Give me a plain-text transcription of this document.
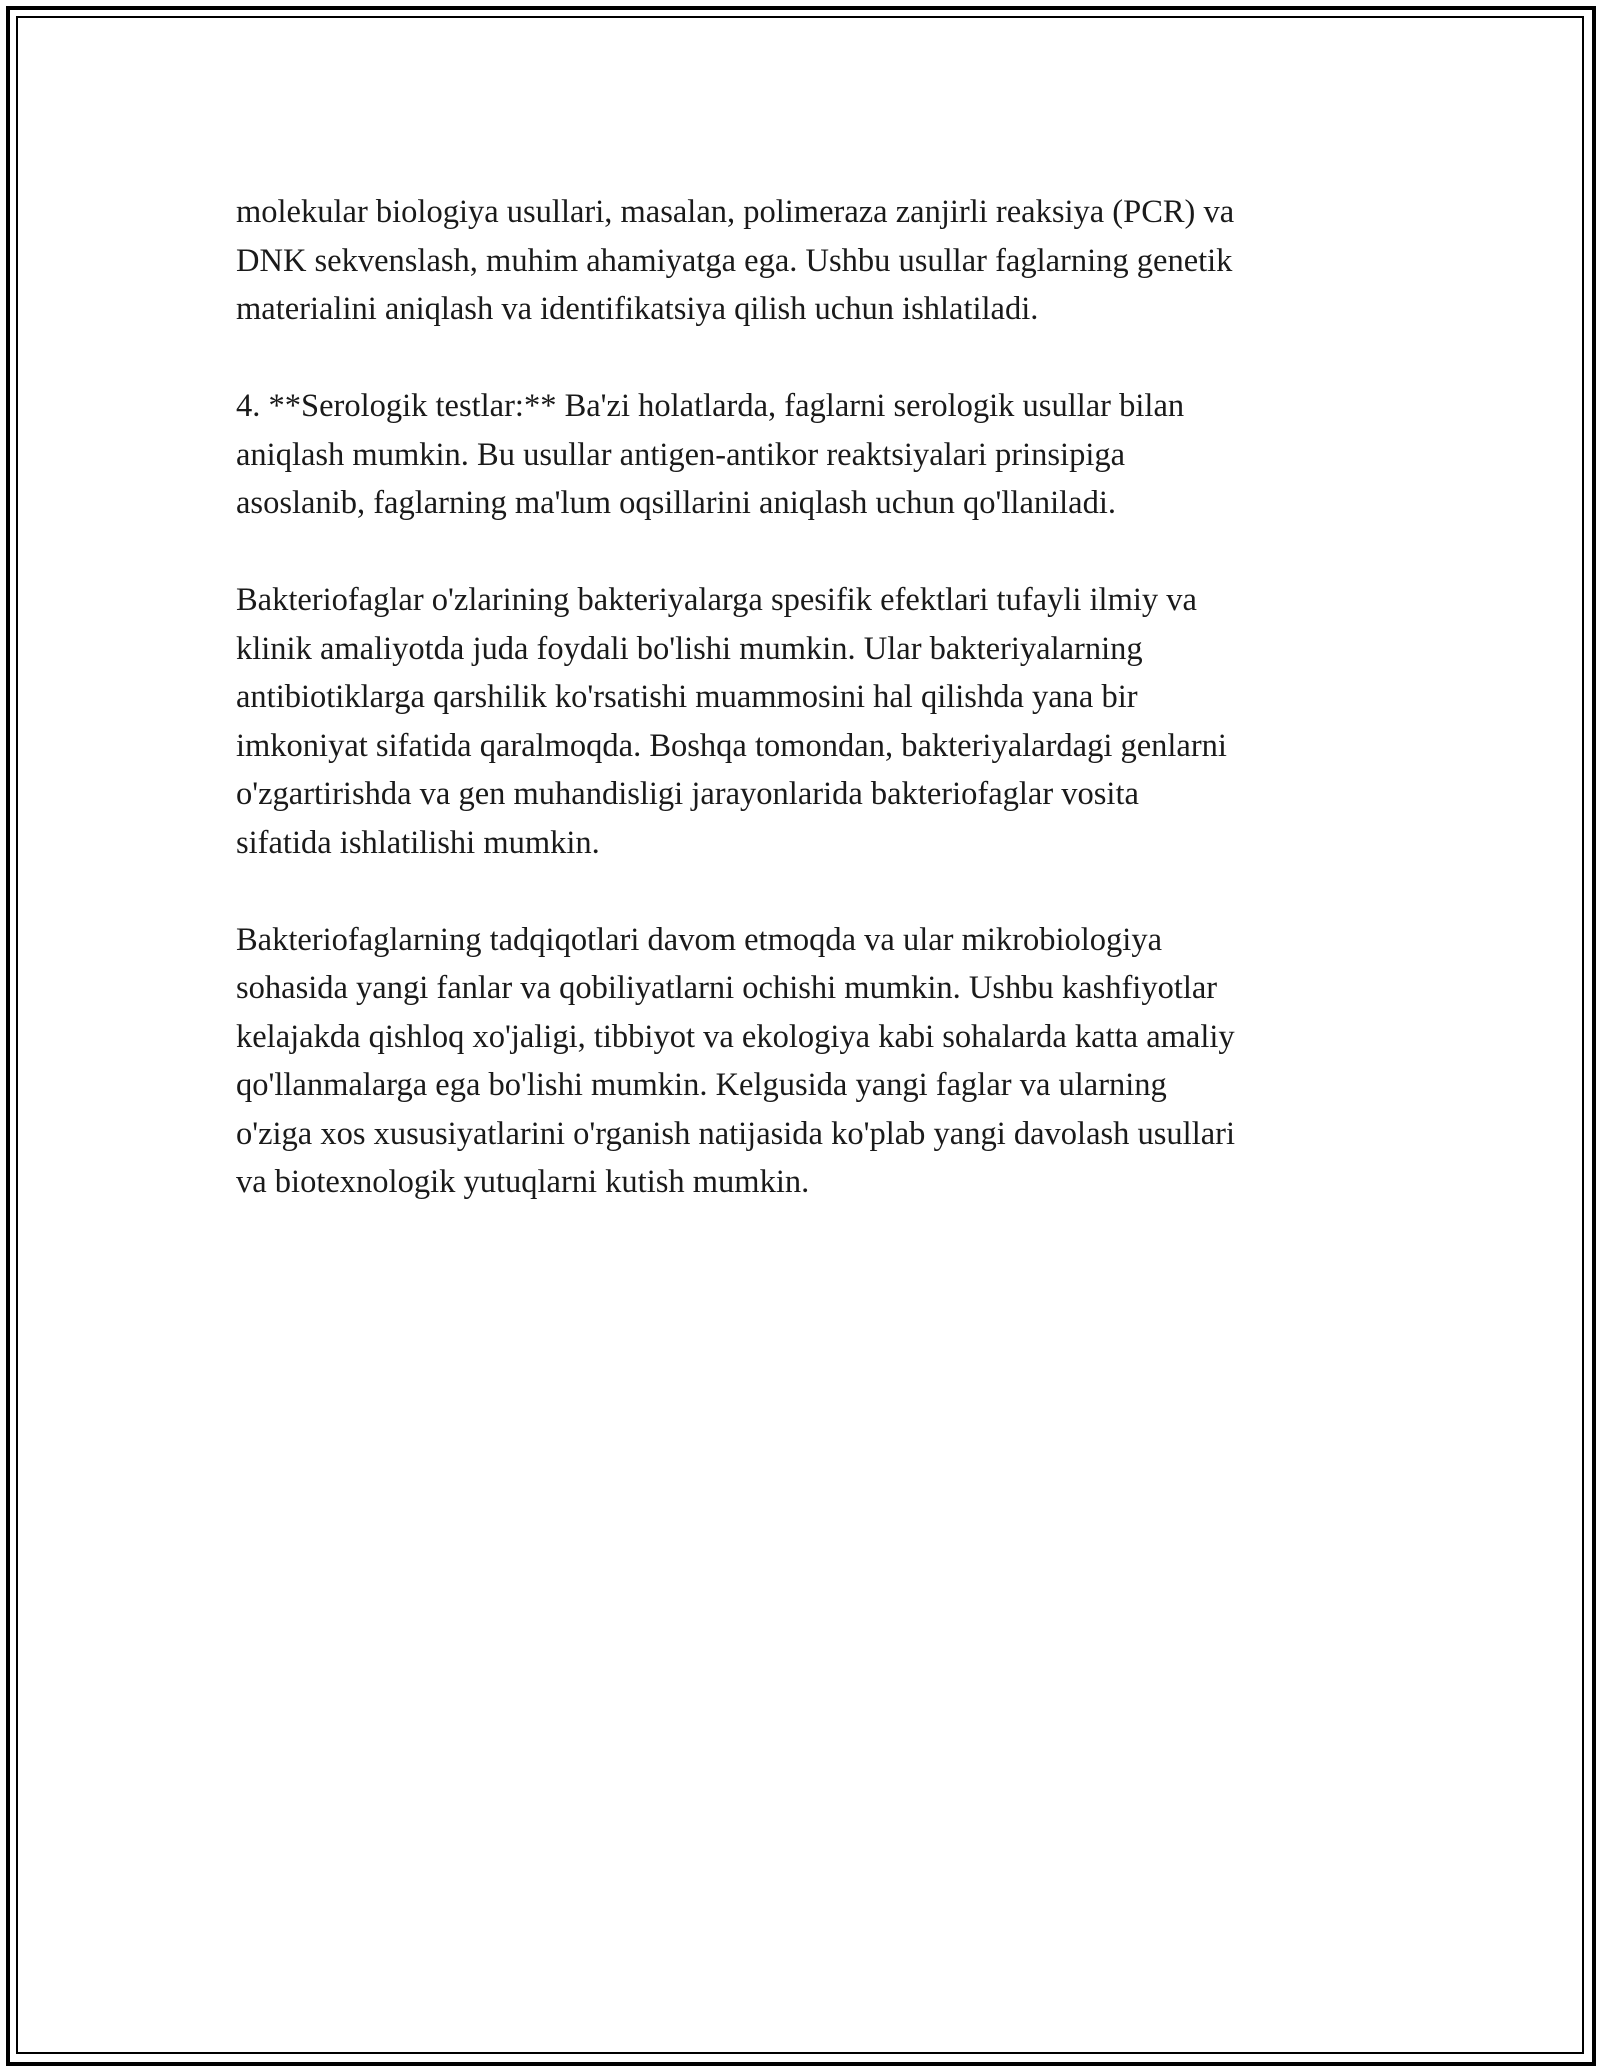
molekular biologiya usullari, masalan, polimeraza zanjirli reaksiya (PCR) va
DNK sekvenslash, muhim ahamiyatga ega. Ushbu usullar faglarning genetik
materialini aniqlash va identifikatsiya qilish uchun ishlatiladi.

4. **Serologik testlar:** Ba'zi holatlarda, faglarni serologik usullar bilan
aniqlash mumkin. Bu usullar antigen-antikor reaktsiyalari prinsipiga
asoslanib, faglarning ma'lum oqsillarini aniqlash uchun qo'llaniladi.

Bakteriofaglar o'zlarining bakteriyalarga spesifik efektlari tufayli ilmiy va
klinik amaliyotda juda foydali bo'lishi mumkin. Ular bakteriyalarning
antibiotiklarga qarshilik ko'rsatishi muammosini hal qilishda yana bir
imkoniyat sifatida qaralmoqda. Boshqa tomondan, bakteriyalardagi genlarni
o'zgartirishda va gen muhandisligi jarayonlarida bakteriofaglar vosita
sifatida ishlatilishi mumkin.

Bakteriofaglarning tadqiqotlari davom etmoqda va ular mikrobiologiya
sohasida yangi fanlar va qobiliyatlarni ochishi mumkin. Ushbu kashfiyotlar
kelajakda qishloq xo'jaligi, tibbiyot va ekologiya kabi sohalarda katta amaliy
qo'llanmalarga ega bo'lishi mumkin. Kelgusida yangi faglar va ularning
o'ziga xos xususiyatlarini o'rganish natijasida ko'plab yangi davolash usullari
va biotexnologik yutuqlarni kutish mumkin.
